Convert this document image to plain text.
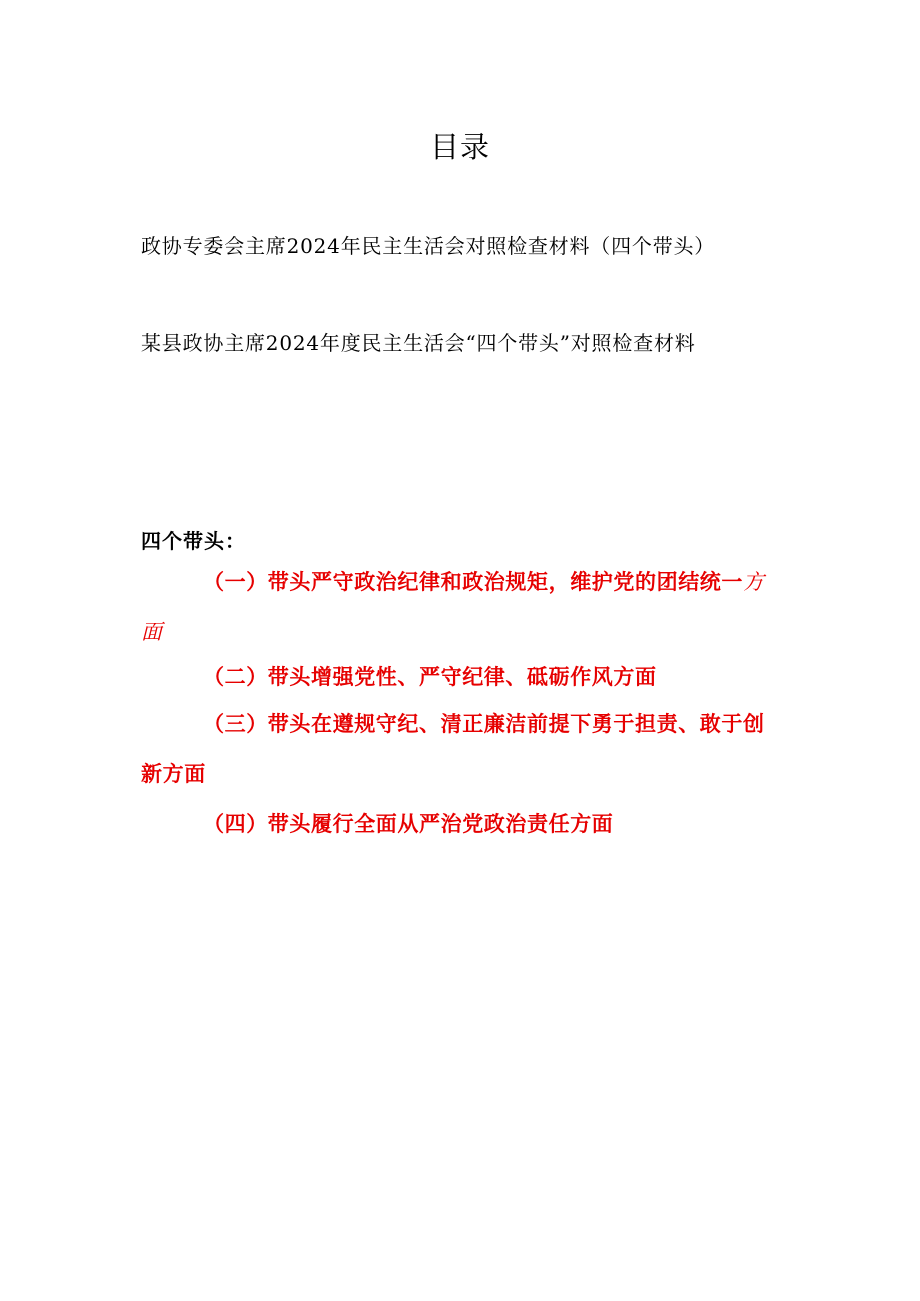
目录
政协专委会主席2024年民主生活会对照检查材料（四个带头）
某县政协主席2024年度民主生活会“四个带头”对照检查材料
四个带头：

（一）带头严守政治纪律和政治规矩，维护党的团结统一方面

（二）带头增强党性、严守纪律、砥砺作风方面

（三）带头在遵规守纪、清正廉洁前提下勇于担责、敢于创新方面

（四）带头履行全面从严治党政治责任方面
